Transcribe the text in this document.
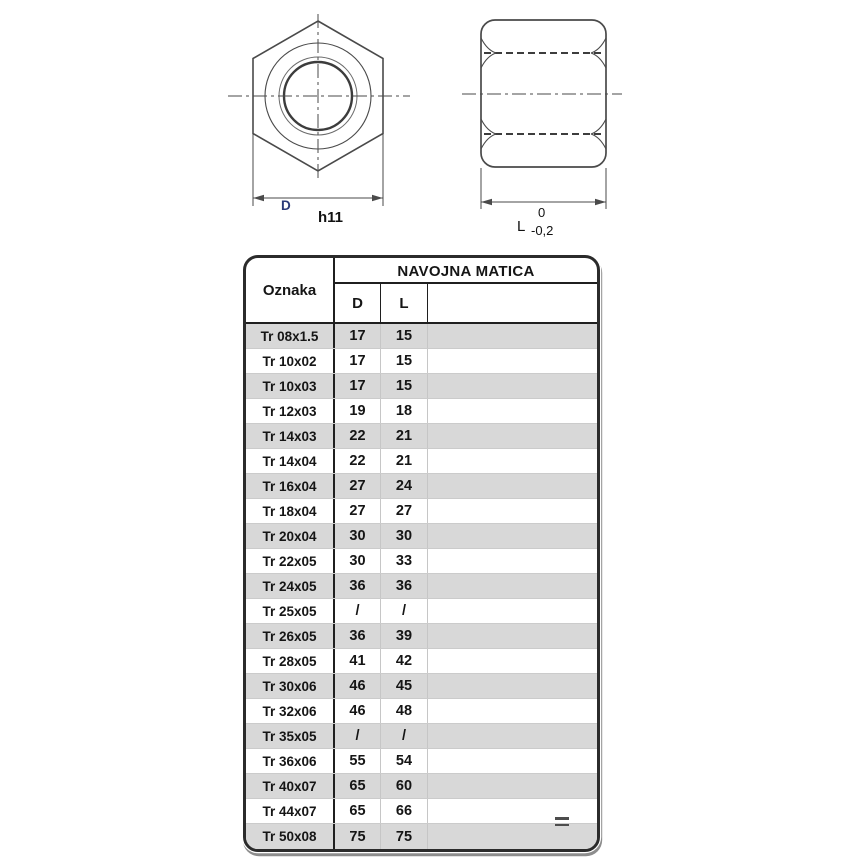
D
h11
L
0
-0,2
Oznaka
NAVOJNA MATICA
D	L
Tr 08x1.5	17	15
Tr 10x02	17	15
Tr 10x03	17	15
Tr 12x03	19	18
Tr 14x03	22	21
Tr 14x04	22	21
Tr 16x04	27	24
Tr 18x04	27	27
Tr 20x04	30	30
Tr 22x05	30	33
Tr 24x05	36	36
Tr 25x05	/	/
Tr 26x05	36	39
Tr 28x05	41	42
Tr 30x06	46	45
Tr 32x06	46	48
Tr 35x05	/	/
Tr 36x06	55	54
Tr 40x07	65	60
Tr 44x07	65	66
Tr 50x08	75	75
